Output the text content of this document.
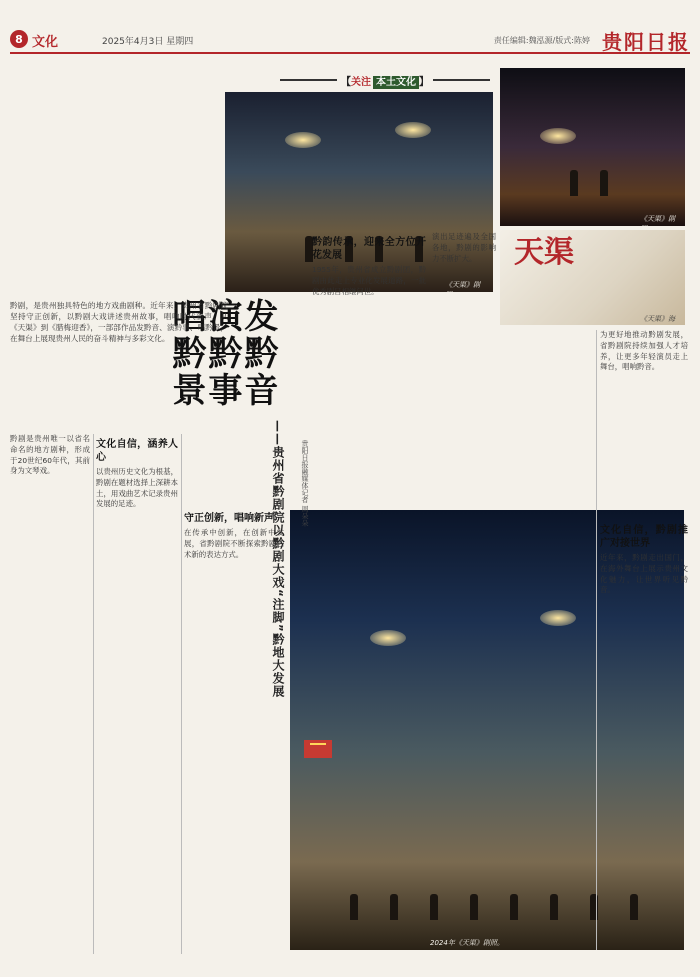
8 文化	2025年4月3日 星期四	责任编辑:魏泓源/版式:陈婷 贵阳日报
【关注 本土文化 】
《天渠》剧
《天渠》剧
天渠
《天渠》海
2024年《天渠》剧照。
发黔音
演黔事
唱黔景
——贵州省黔剧院以黔剧大戏“注脚”黔地大发展 贵阳日报融媒体记者 周朵朵
黔剧，是贵州独具特色的地方戏曲剧种。近年来，贵州省黔剧院坚持守正创新，以黔剧大戏讲述贵州故事，唱响时代新声。从《天渠》到《腊梅迎香》，一部部作品发黔音、演黔事、唱黔景，在舞台上展现贵州人民的奋斗精神与多彩文化。
黔剧是贵州唯一以省名命名的地方剧种，形成于20世纪60年代，其前身为文琴戏。
文化自信，涵养人心
以贵州历史文化为根基，黔剧在题材选择上深耕本土，用戏曲艺术记录贵州发展的足迹。
守正创新，唱响新声
在传承中创新，在创新中发展，省黔剧院不断探索黔剧艺术新的表达方式。
黔韵传承，迎来全方位开花发展
1955年，贵州省成立黔剧团，黔剧由此走上专业化发展道路，一批优秀剧目相继问世。
演出足迹遍及全国各地，黔剧的影响力不断扩大。
为更好地推动黔剧发展，省黔剧院持续加强人才培养，让更多年轻演员走上舞台，唱响黔音。
文化自信，黔剧推广对接世界
近年来，黔剧走出国门，在海外舞台上展示贵州文化魅力，让世界听见黔音。
